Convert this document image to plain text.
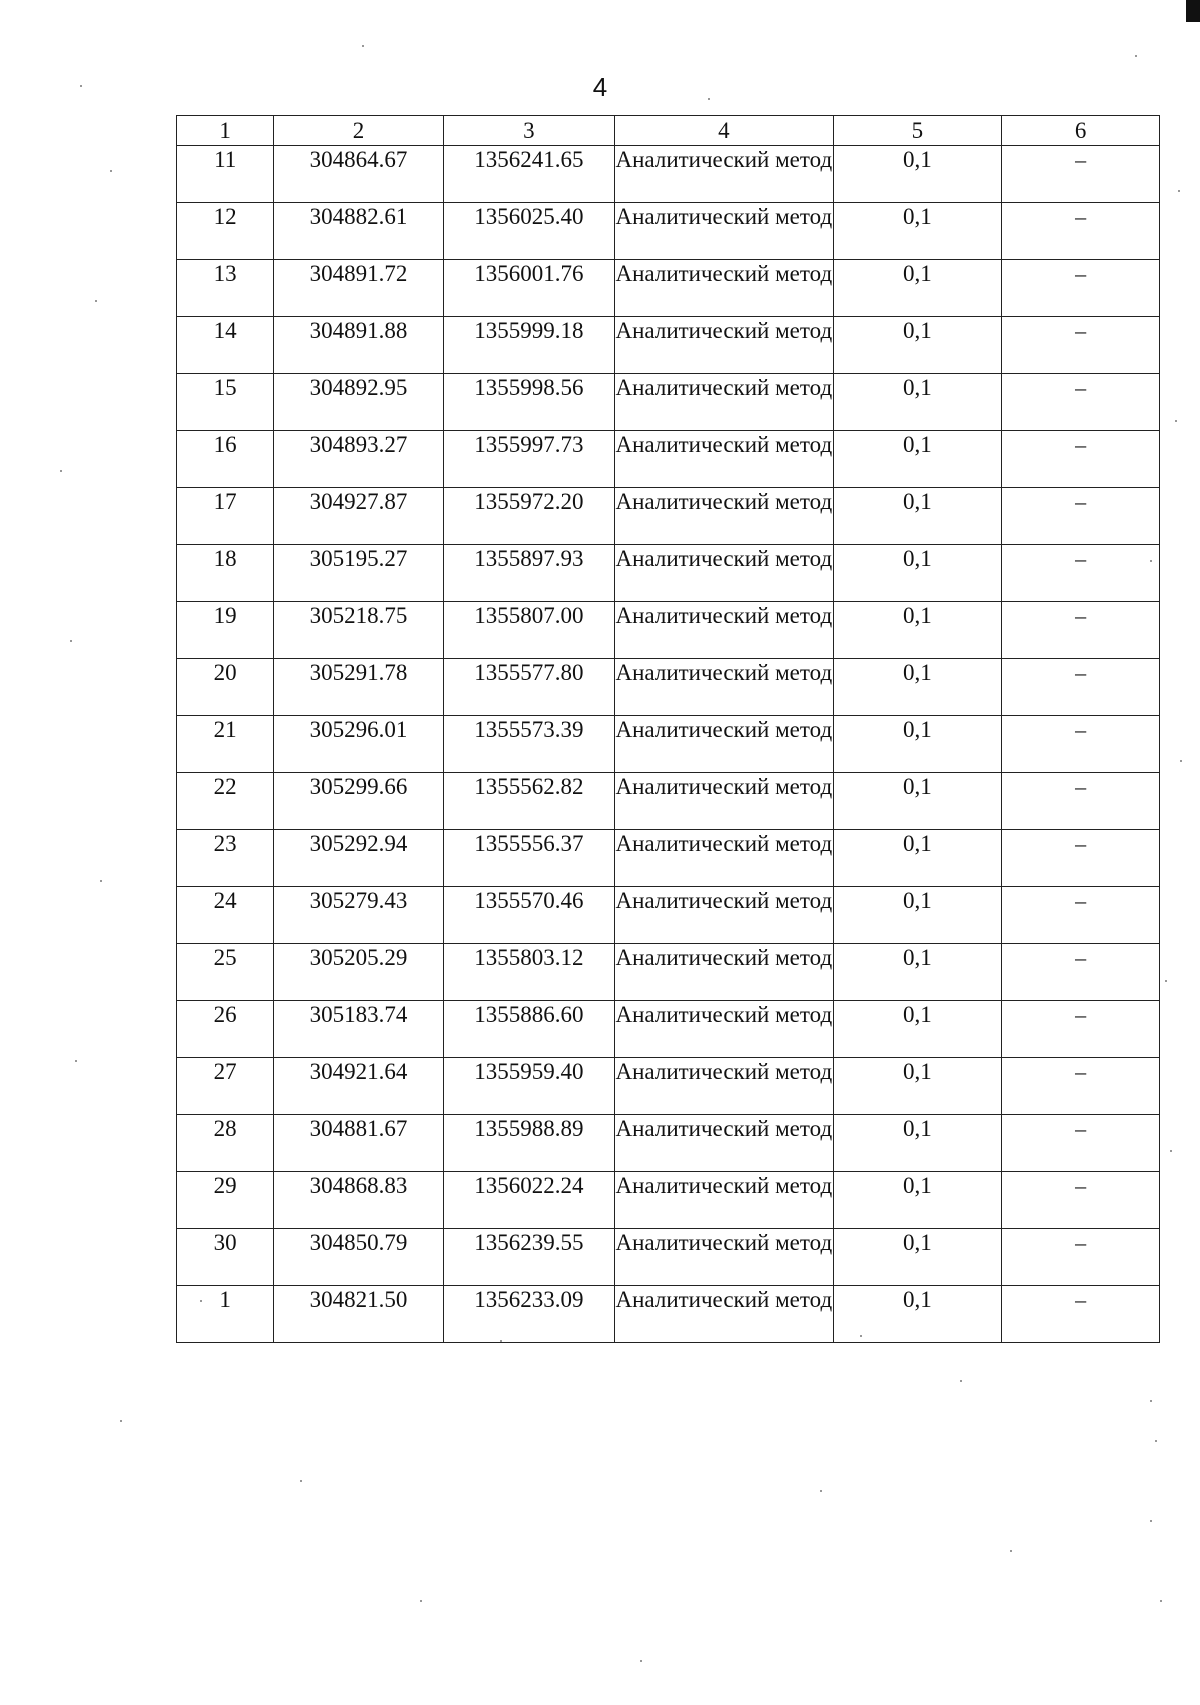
4
1	2	3	4	5	6
11	304864.67	1356241.65	Аналитический метод	0,1	–
12	304882.61	1356025.40	Аналитический метод	0,1	–
13	304891.72	1356001.76	Аналитический метод	0,1	–
14	304891.88	1355999.18	Аналитический метод	0,1	–
15	304892.95	1355998.56	Аналитический метод	0,1	–
16	304893.27	1355997.73	Аналитический метод	0,1	–
17	304927.87	1355972.20	Аналитический метод	0,1	–
18	305195.27	1355897.93	Аналитический метод	0,1	–
19	305218.75	1355807.00	Аналитический метод	0,1	–
20	305291.78	1355577.80	Аналитический метод	0,1	–
21	305296.01	1355573.39	Аналитический метод	0,1	–
22	305299.66	1355562.82	Аналитический метод	0,1	–
23	305292.94	1355556.37	Аналитический метод	0,1	–
24	305279.43	1355570.46	Аналитический метод	0,1	–
25	305205.29	1355803.12	Аналитический метод	0,1	–
26	305183.74	1355886.60	Аналитический метод	0,1	–
27	304921.64	1355959.40	Аналитический метод	0,1	–
28	304881.67	1355988.89	Аналитический метод	0,1	–
29	304868.83	1356022.24	Аналитический метод	0,1	–
30	304850.79	1356239.55	Аналитический метод	0,1	–
1	304821.50	1356233.09	Аналитический метод	0,1	–
